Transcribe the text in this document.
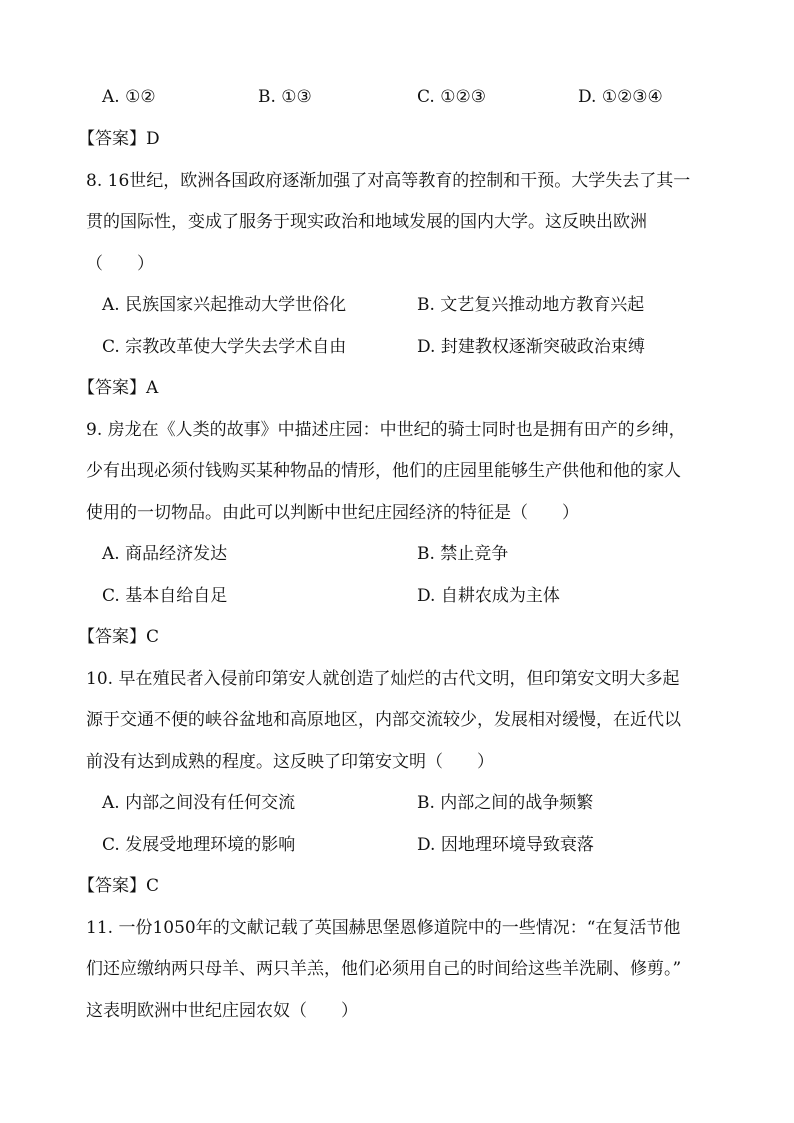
A. ①②	B. ①③	C. ①②③	D. ①②③④
【答案】D
8. 16世纪，欧洲各国政府逐渐加强了对高等教育的控制和干预。大学失去了其一
贯的国际性，变成了服务于现实政治和地域发展的国内大学。这反映出欧洲
（　　）
A. 民族国家兴起推动大学世俗化	B. 文艺复兴推动地方教育兴起
C. 宗教改革使大学失去学术自由	D. 封建教权逐渐突破政治束缚
【答案】A
9. 房龙在《人类的故事》中描述庄园：中世纪的骑士同时也是拥有田产的乡绅，
少有出现必须付钱购买某种物品的情形，他们的庄园里能够生产供他和他的家人
使用的一切物品。由此可以判断中世纪庄园经济的特征是（　　）
A. 商品经济发达	B. 禁止竞争
C. 基本自给自足	D. 自耕农成为主体
【答案】C
10. 早在殖民者入侵前印第安人就创造了灿烂的古代文明，但印第安文明大多起
源于交通不便的峡谷盆地和高原地区，内部交流较少，发展相对缓慢，在近代以
前没有达到成熟的程度。这反映了印第安文明（　　）
A. 内部之间没有任何交流	B. 内部之间的战争频繁
C. 发展受地理环境的影响	D. 因地理环境导致衰落
【答案】C
11. 一份1050年的文献记载了英国赫思堡恩修道院中的一些情况：“在复活节他
们还应缴纳两只母羊、两只羊羔，他们必须用自己的时间给这些羊洗刷、修剪。”
这表明欧洲中世纪庄园农奴（　　）
